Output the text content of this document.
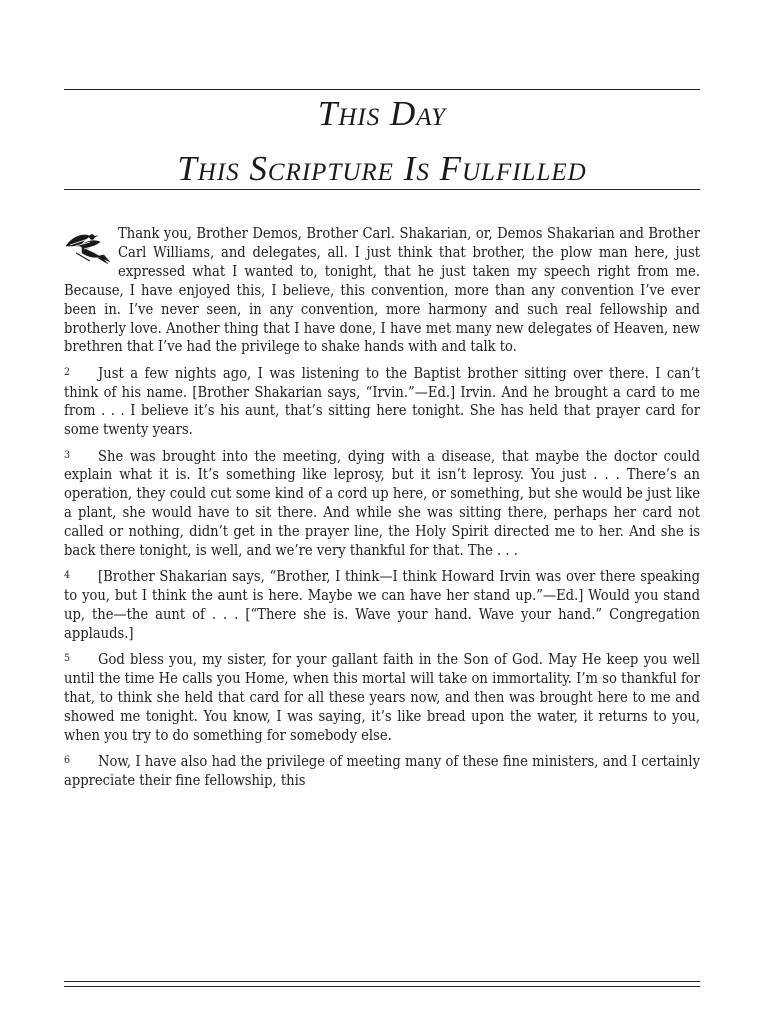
This Day
This Scripture Is Fulfilled

Thank you, Brother Demos, Brother Carl. Shakarian, or, Demos Shakarian and Brother Carl Williams, and delegates, all. I just think that brother, the plow man here, just expressed what I wanted to, tonight, that he just taken my speech right from me. Because, I have enjoyed this, I believe, this convention, more than any convention I’ve ever been in. I’ve never seen, in any convention, more harmony and such real fellowship and brotherly love. Another thing that I have done, I have met many new delegates of Heaven, new brethren that I’ve had the privilege to shake hands with and talk to.

2 Just a few nights ago, I was listening to the Baptist brother sitting over there. I can’t think of his name. [Brother Shakarian says, “Irvin.”—Ed.] Irvin. And he brought a card to me from . . . I believe it’s his aunt, that’s sitting here tonight. She has held that prayer card for some twenty years.

3 She was brought into the meeting, dying with a disease, that maybe the doctor could explain what it is. It’s something like leprosy, but it isn’t leprosy. You just . . . There’s an operation, they could cut some kind of a cord up here, or something, but she would be just like a plant, she would have to sit there. And while she was sitting there, perhaps her card not called or nothing, didn’t get in the prayer line, the Holy Spirit directed me to her. And she is back there tonight, is well, and we’re very thankful for that. The . . .

4 [Brother Shakarian says, “Brother, I think—I think Howard Irvin was over there speaking to you, but I think the aunt is here. Maybe we can have her stand up.”—Ed.] Would you stand up, the—the aunt of . . . [“There she is. Wave your hand. Wave your hand.” Congregation applauds.]

5 God bless you, my sister, for your gallant faith in the Son of God. May He keep you well until the time He calls you Home, when this mortal will take on immortality. I’m so thankful for that, to think she held that card for all these years now, and then was brought here to me and showed me tonight. You know, I was saying, it’s like bread upon the water, it returns to you, when you try to do something for somebody else.

6 Now, I have also had the privilege of meeting many of these fine ministers, and I certainly appreciate their fine fellowship, this
